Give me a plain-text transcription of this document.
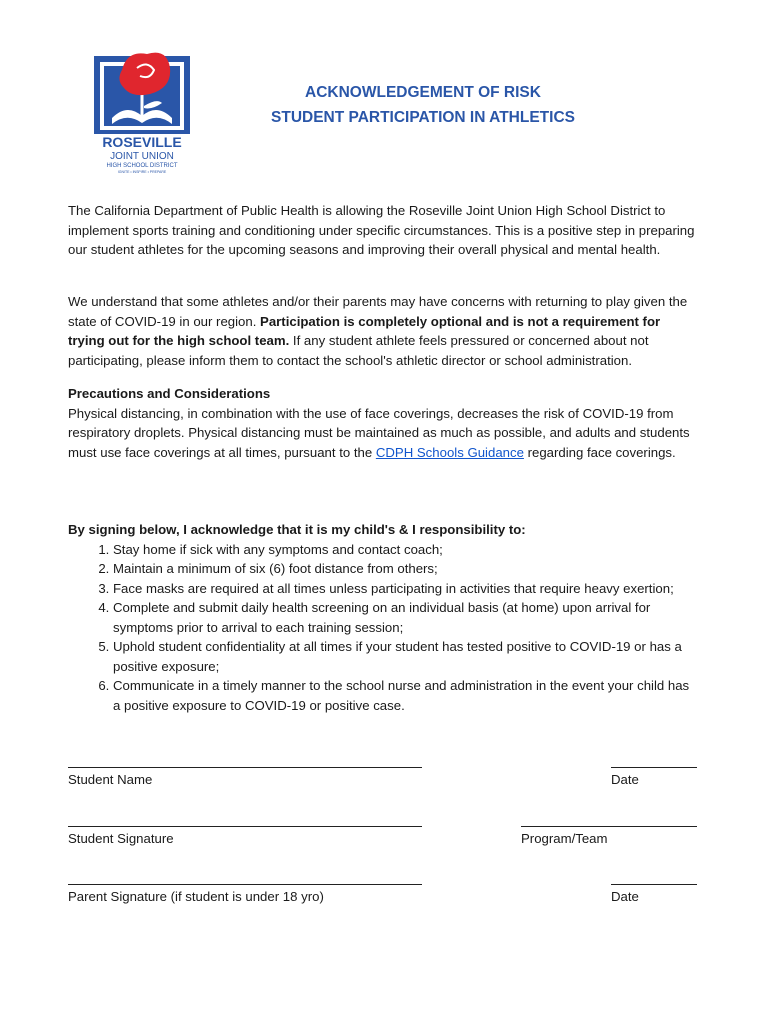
ROSEVILLE
JOINT UNION
HIGH SCHOOL DISTRICT
IGNITE • INSPIRE • PREPARE
ACKNOWLEDGEMENT OF RISK
STUDENT PARTICIPATION IN ATHLETICS

The California Department of Public Health is allowing the Roseville Joint Union High School District to implement sports training and conditioning under specific circumstances. This is a positive step in preparing our student athletes for the upcoming seasons and improving their overall physical and mental health.

We understand that some athletes and/or their parents may have concerns with returning to play given the state of COVID-19 in our region. Participation is completely optional and is not a requirement for trying out for the high school team. If any student athlete feels pressured or concerned about not participating, please inform them to contact the school's athletic director or school administration.

Precautions and Considerations

Physical distancing, in combination with the use of face coverings, decreases the risk of COVID-19 from respiratory droplets. Physical distancing must be maintained as much as possible, and adults and students must use face coverings at all times, pursuant to the CDPH Schools Guidance regarding face coverings.

By signing below, I acknowledge that it is my child's & I responsibility to:
1. Stay home if sick with any symptoms and contact coach;
2. Maintain a minimum of six (6) foot distance from others;
3. Face masks are required at all times unless participating in activities that require heavy exertion;
4. Complete and submit daily health screening on an individual basis (at home) upon arrival for symptoms prior to arrival to each training session;
5. Uphold student confidentiality at all times if your student has tested positive to COVID-19 or has a positive exposure;
6. Communicate in a timely manner to the school nurse and administration in the event your child has a positive exposure to COVID-19 or positive case.
Student Name	Date
Student Signature	Program/Team
Parent Signature (if student is under 18 yro)	Date
